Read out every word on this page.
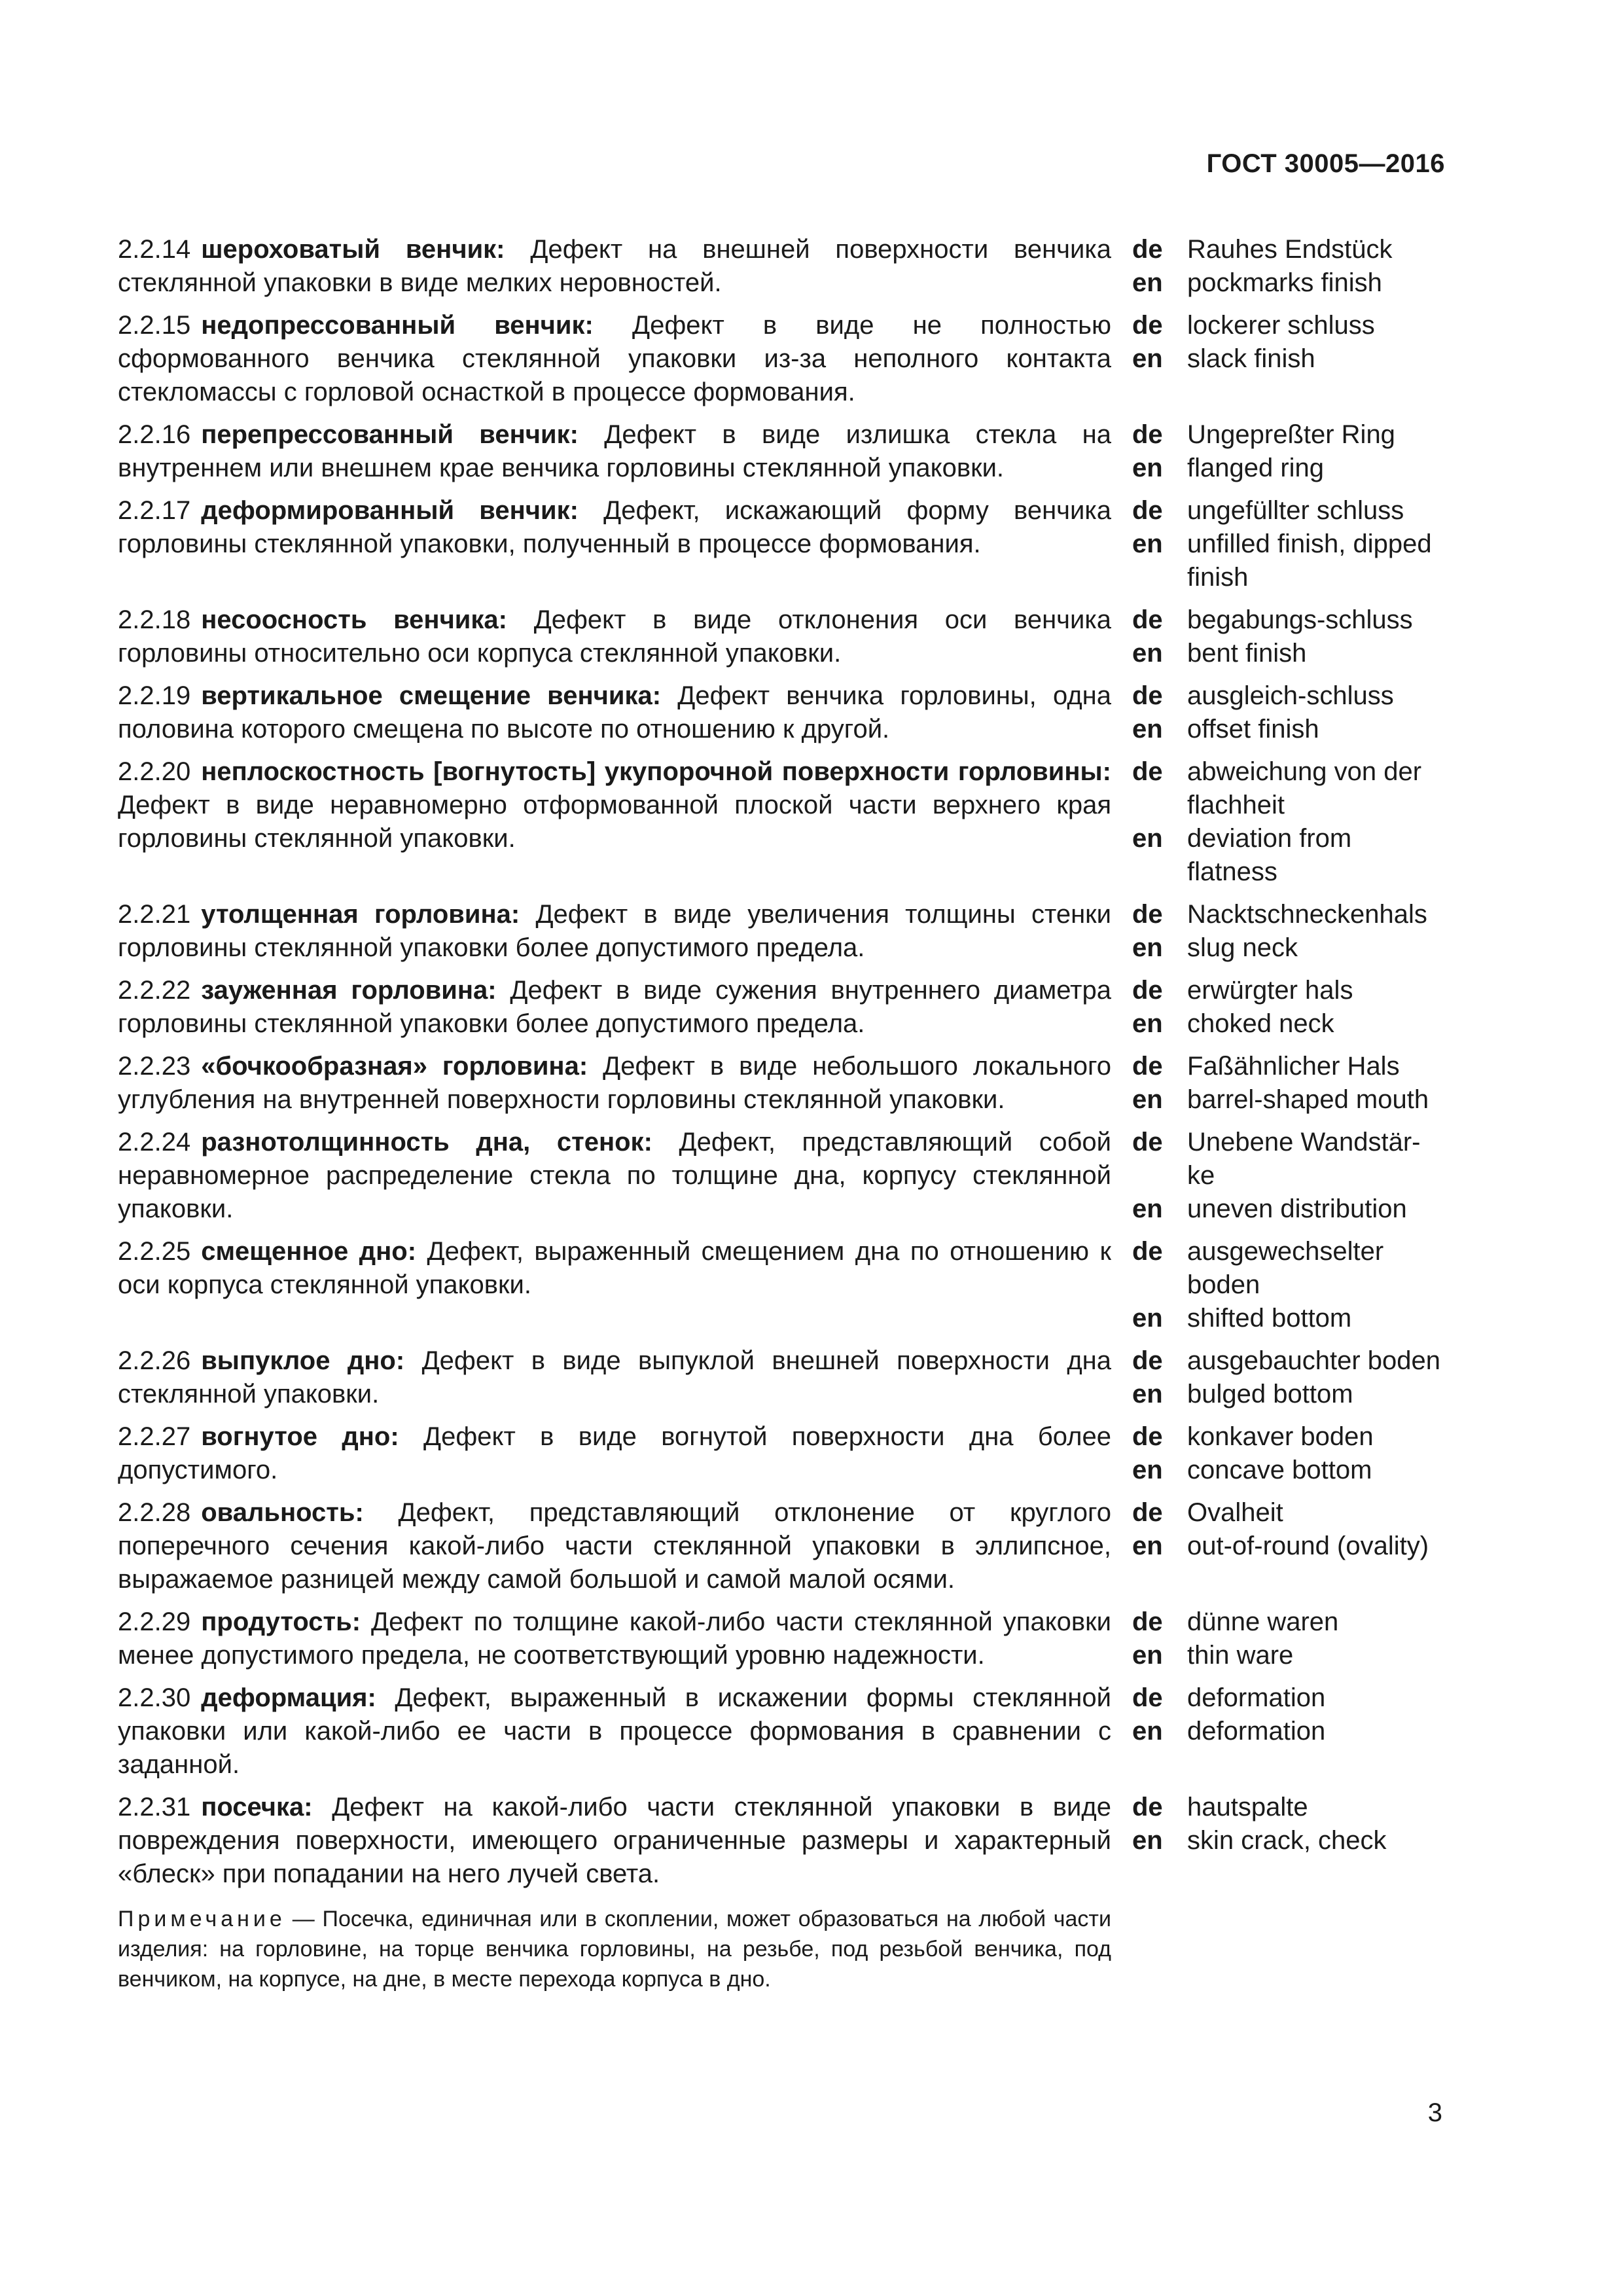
ГОСТ 30005—2016
2.2.14 шероховатый венчик: Дефект на внешней поверхности венчика стеклянной упаковки в виде мелких неровностей.
de Rauhes Endstück
en pockmarks finish
2.2.15 недопрессованный венчик: Дефект в виде не полностью сформованного венчика стеклянной упаковки из-за неполного контакта стекломассы с горловой оснасткой в процессе формования.
de lockerer schluss
en slack finish
2.2.16 перепрессованный венчик: Дефект в виде излишка стекла на внутреннем или внешнем крае венчика горловины стеклянной упаковки.
de Ungepreßter Ring
en flanged ring
2.2.17 деформированный венчик: Дефект, искажающий форму венчика горловины стеклянной упаковки, полученный в процессе формования.
de ungefüllter schluss
en unfilled finish, dipped finish
2.2.18 несоосность венчика: Дефект в виде отклонения оси венчика горловины относительно оси корпуса стеклянной упаковки.
de begabungs-schluss
en bent finish
2.2.19 вертикальное смещение венчика: Дефект венчика горловины, одна половина которого смещена по высоте по отношению к другой.
de ausgleich-schluss
en offset finish
2.2.20 неплоскостность [вогнутость] укупорочной поверхности горловины: Дефект в виде неравномерно отформованной плоской части верхнего края горловины стеклянной упаковки.
de abweichung von der flachheit
en deviation from flatness
2.2.21 утолщенная горловина: Дефект в виде увеличения толщины стенки горловины стеклянной упаковки более допустимого предела.
de Nacktschneckenhals
en slug neck
2.2.22 зауженная горловина: Дефект в виде сужения внутреннего диаметра горловины стеклянной упаковки более допустимого предела.
de erwürgter hals
en choked neck
2.2.23 «бочкообразная» горловина: Дефект в виде небольшого локального углубления на внутренней поверхности горловины стеклянной упаковки.
de Faßähnlicher Hals
en barrel-shaped mouth
2.2.24 разнотолщинность дна, стенок: Дефект, представляющий собой неравномерное распределение стекла по толщине дна, корпусу стеклянной упаковки.
de Unebene Wandstär-ke
en uneven distribution
2.2.25 смещенное дно: Дефект, выраженный смещением дна по отношению к оси корпуса стеклянной упаковки.
de ausgewechselter boden
en shifted bottom
2.2.26 выпуклое дно: Дефект в виде выпуклой внешней поверхности дна стеклянной упаковки.
de ausgebauchter boden
en bulged bottom
2.2.27 вогнутое дно: Дефект в виде вогнутой поверхности дна более допустимого.
de konkaver boden
en concave bottom
2.2.28 овальность: Дефект, представляющий отклонение от круглого поперечного сечения какой-либо части стеклянной упаковки в эллипсное, выражаемое разницей между самой большой и самой малой осями.
de Ovalheit
en out-of-round (ovality)
2.2.29 продутость: Дефект по толщине какой-либо части стеклянной упаковки менее допустимого предела, не соответствующий уровню надежности.
de dünne waren
en thin ware
2.2.30 деформация: Дефект, выраженный в искажении формы стеклянной упаковки или какой-либо ее части в процессе формования в сравнении с заданной.
de deformation
en deformation
2.2.31 посечка: Дефект на какой-либо части стеклянной упаковки в виде повреждения поверхности, имеющего ограниченные размеры и характерный «блеск» при попадании на него лучей света.
de hautspalte
en skin crack, check
Примечание — Посечка, единичная или в скоплении, может образоваться на любой части изделия: на горловине, на торце венчика горловины, на резьбе, под резьбой венчика, под венчиком, на корпусе, на дне, в месте перехода корпуса в дно.
3
